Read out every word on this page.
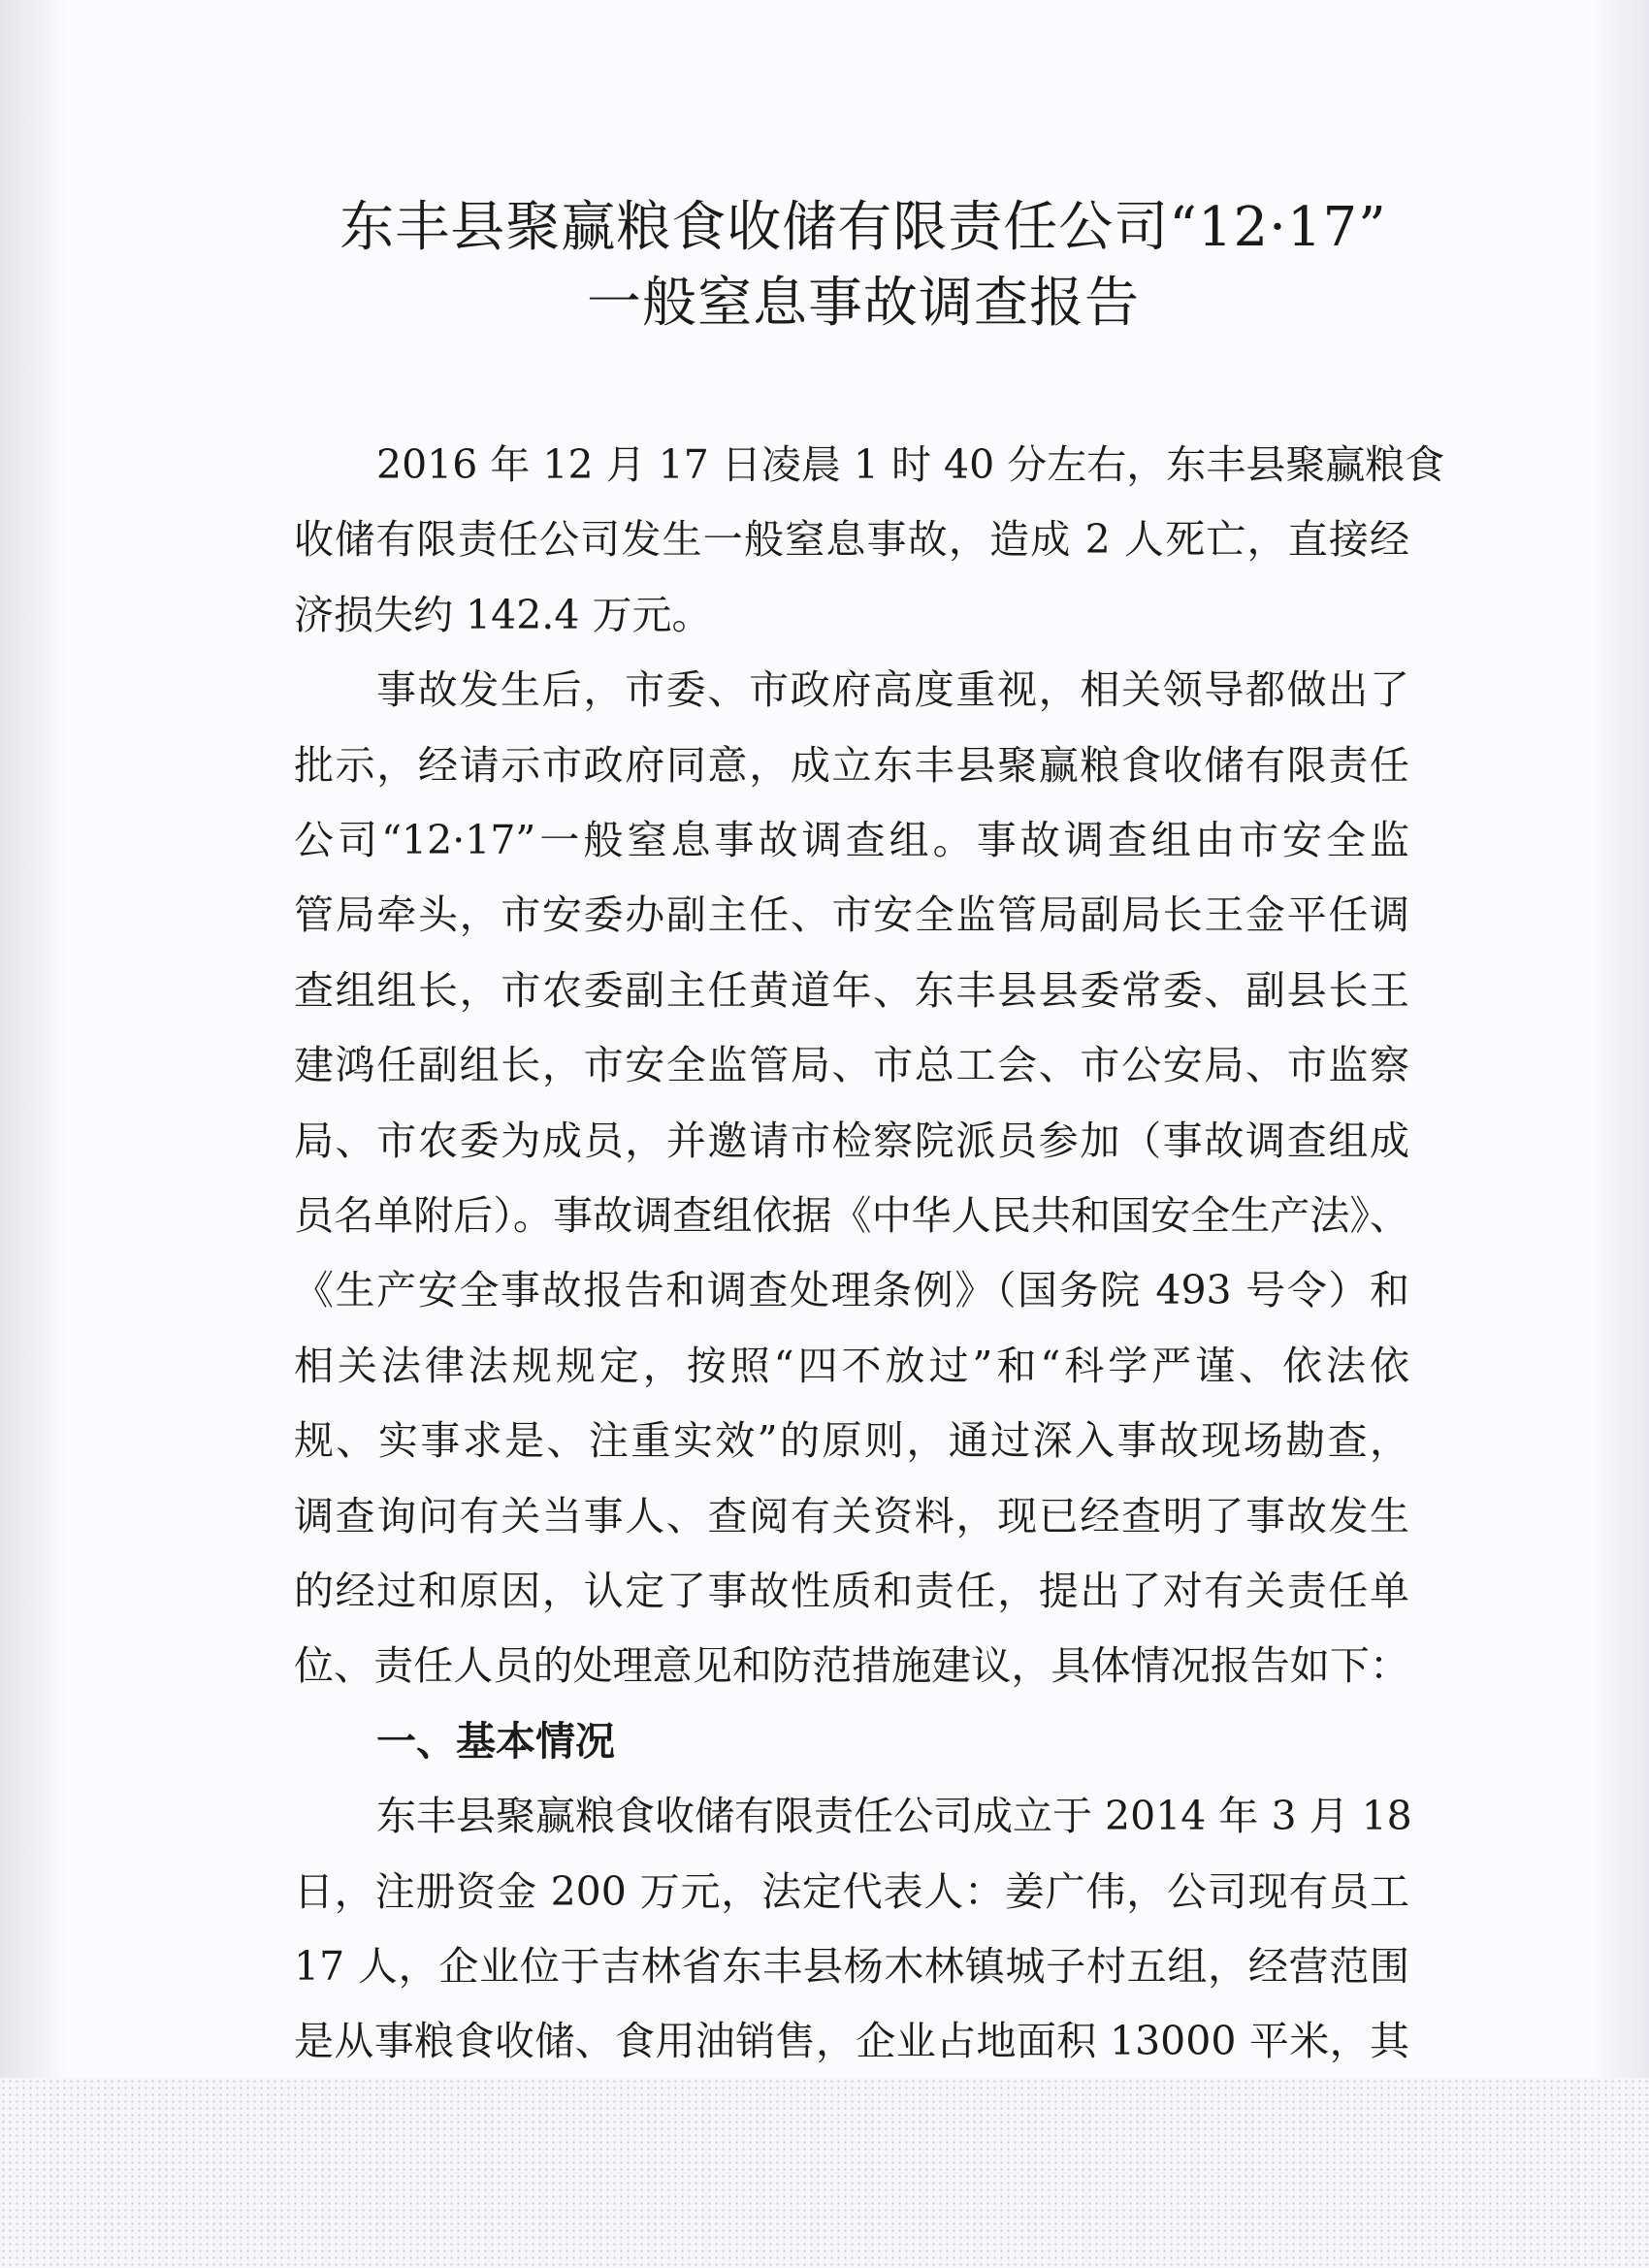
东丰县聚赢粮食收储有限责任公司“12·17”
一般窒息事故调查报告
2016 年 12 月 17 日凌晨 1 时 40 分左右，东丰县聚赢粮食
收储有限责任公司发生一般窒息事故，造成 2 人死亡，直接经
济损失约 142.4 万元。
事故发生后，市委、市政府高度重视，相关领导都做出了
批示，经请示市政府同意，成立东丰县聚赢粮食收储有限责任
公司“12·17”一般窒息事故调查组。事故调查组由市安全监
管局牵头，市安委办副主任、市安全监管局副局长王金平任调
查组组长，市农委副主任黄道年、东丰县县委常委、副县长王
建鸿任副组长，市安全监管局、市总工会、市公安局、市监察
局、市农委为成员，并邀请市检察院派员参加（事故调查组成
员名单附后）。事故调查组依据《中华人民共和国安全生产法》、
《生产安全事故报告和调查处理条例》（国务院 493 号令）和
相关法律法规规定，按照“四不放过”和“科学严谨、依法依
规、实事求是、注重实效”的原则，通过深入事故现场勘查，
调查询问有关当事人、查阅有关资料，现已经查明了事故发生
的经过和原因，认定了事故性质和责任，提出了对有关责任单
位、责任人员的处理意见和防范措施建议，具体情况报告如下：
一、基本情况
东丰县聚赢粮食收储有限责任公司成立于 2014 年 3 月 18
日，注册资金 200 万元，法定代表人：姜广伟，公司现有员工
17 人，企业位于吉林省东丰县杨木林镇城子村五组，经营范围
是从事粮食收储、食用油销售，企业占地面积 13000 平米，其
